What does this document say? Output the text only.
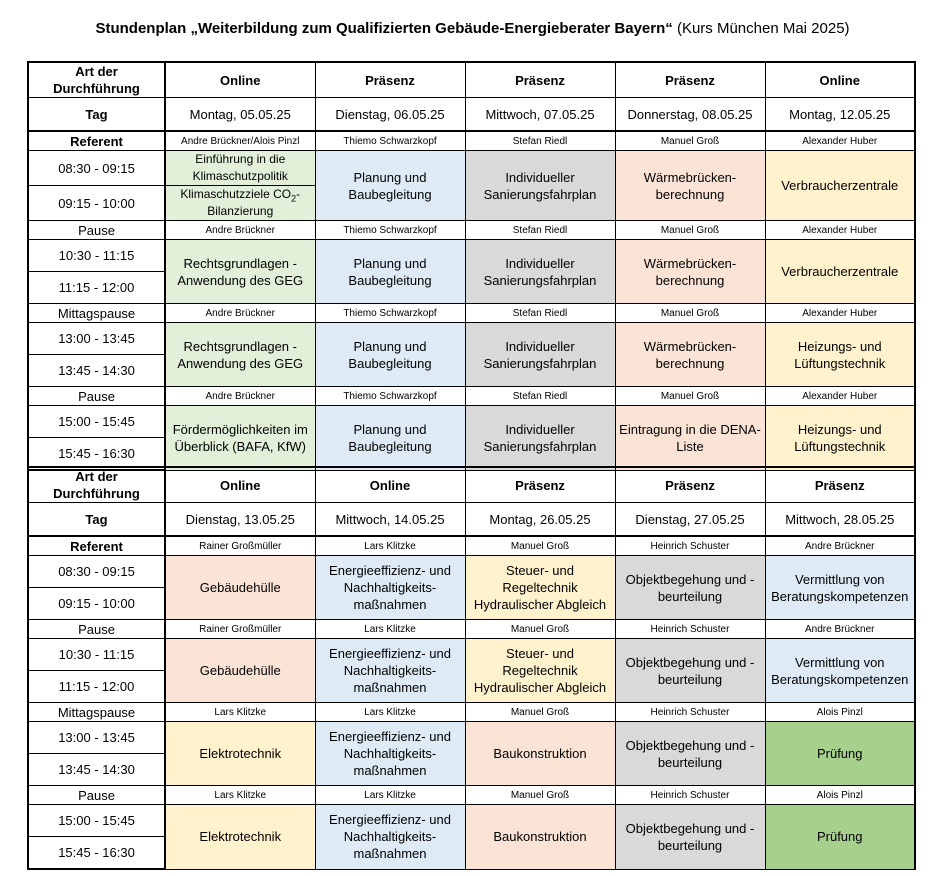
Stundenplan „Weiterbildung zum Qualifizierten Gebäude-Energieberater Bayern“ (Kurs München Mai 2025)
Art der Durchführung	Online	Präsenz	Präsenz	Präsenz	Online
Tag	Montag, 05.05.25	Dienstag, 06.05.25	Mittwoch, 07.05.25	Donnerstag, 08.05.25	Montag, 12.05.25
Referent	Andre Brückner/Alois Pinzl	Thiemo Schwarzkopf	Stefan Riedl	Manuel Groß	Alexander Huber
08:30 - 09:15	Einführung in die Klimaschutzpolitik	Planung und Baubegleitung	Individueller Sanierungsfahrplan	Wärmebrücken-berechnung	Verbraucherzentrale
09:15 - 10:00	Klimaschutzziele $CO_2$-Bilanzierung				
Pause	Andre Brückner	Thiemo Schwarzkopf	Stefan Riedl	Manuel Groß	Alexander Huber
10:30 - 11:15	Rechtsgrundlagen - Anwendung des GEG	Planung und Baubegleitung	Individueller Sanierungsfahrplan	Wärmebrücken-berechnung	Verbraucherzentrale
11:15 - 12:00					
Mittagspause	Andre Brückner	Thiemo Schwarzkopf	Stefan Riedl	Manuel Groß	Alexander Huber
13:00 - 13:45	Rechtsgrundlagen - Anwendung des GEG	Planung und Baubegleitung	Individueller Sanierungsfahrplan	Wärmebrücken-berechnung	Heizungs- und Lüftungstechnik
13:45 - 14:30					
Pause	Andre Brückner	Thiemo Schwarzkopf	Stefan Riedl	Manuel Groß	Alexander Huber
15:00 - 15:45	Fördermöglichkeiten im Überblick (BAFA, KfW)	Planung und Baubegleitung	Individueller Sanierungsfahrplan	Eintragung in die DENA-Liste	Heizungs- und Lüftungstechnik
15:45 - 16:30					
Art der Durchführung	Online	Online	Präsenz	Präsenz	Präsenz
Tag	Dienstag, 13.05.25	Mittwoch, 14.05.25	Montag, 26.05.25	Dienstag, 27.05.25	Mittwoch, 28.05.25
Referent	Rainer Großmüller	Lars Klitzke	Manuel Groß	Heinrich Schuster	Andre Brückner
08:30 - 09:15	Gebäudehülle	Energieeffizienz- und Nachhaltigkeits-maßnahmen	Steuer- und Regeltechnik Hydraulischer Abgleich	Objektbegehung und -beurteilung	Vermittlung von Beratungskompetenzen
09:15 - 10:00					
Pause	Rainer Großmüller	Lars Klitzke	Manuel Groß	Heinrich Schuster	Andre Brückner
10:30 - 11:15	Gebäudehülle	Energieeffizienz- und Nachhaltigkeits-maßnahmen	Steuer- und Regeltechnik Hydraulischer Abgleich	Objektbegehung und -beurteilung	Vermittlung von Beratungskompetenzen
11:15 - 12:00					
Mittagspause	Lars Klitzke	Lars Klitzke	Manuel Groß	Heinrich Schuster	Alois Pinzl
13:00 - 13:45	Elektrotechnik	Energieeffizienz- und Nachhaltigkeits-maßnahmen	Baukonstruktion	Objektbegehung und -beurteilung	Prüfung
13:45 - 14:30					
Pause	Lars Klitzke	Lars Klitzke	Manuel Groß	Heinrich Schuster	Alois Pinzl
15:00 - 15:45	Elektrotechnik	Energieeffizienz- und Nachhaltigkeits-maßnahmen	Baukonstruktion	Objektbegehung und -beurteilung	Prüfung
15:45 - 16:30					
